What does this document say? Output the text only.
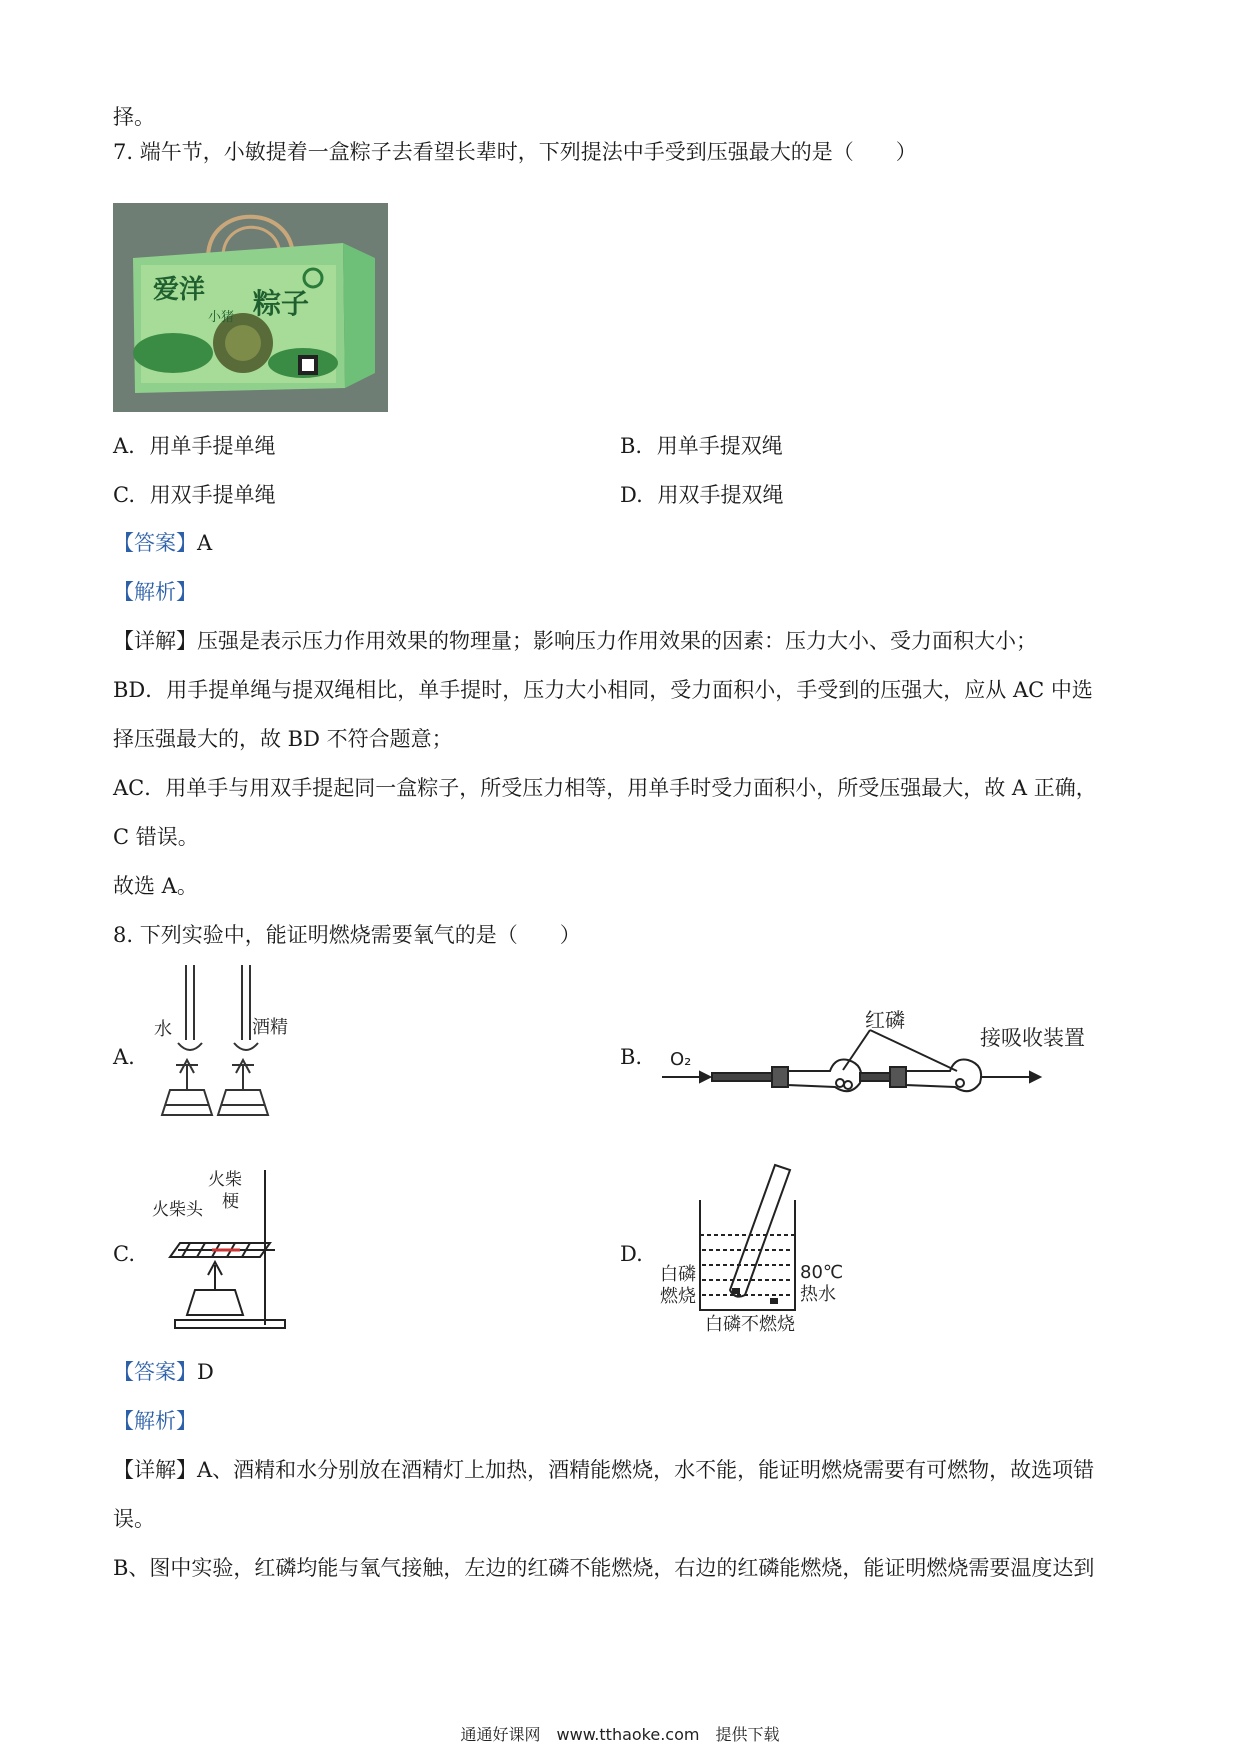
择。
7. 端午节，小敏提着一盒粽子去看望长辈时，下列提法中手受到压强最大的是（　　）
爱洋
小猪 粽子
A. 用单手提单绳	B. 用单手提双绳
C. 用双手提单绳	D. 用双手提双绳
【答案】A
【解析】
【详解】压强是表示压力作用效果的物理量；影响压力作用效果的因素：压力大小、受力面积大小；
BD．用手提单绳与提双绳相比，单手提时，压力大小相同，受力面积小，手受到的压强大，应从 AC 中选
择压强最大的，故 BD 不符合题意；
AC．用单手与用双手提起同一盒粽子，所受压力相等，用单手时受力面积小，所受压强最大，故 A 正确，
C 错误。
故选 A。
8. 下列实验中，能证明燃烧需要氧气的是（　　）
A.
水	酒精
B.
红磷
O₂
接吸收装置
C.
火柴
梗
火柴头
D.
白磷
燃烧
80℃
热水
白磷不燃烧
【答案】D
【解析】
【详解】A、酒精和水分别放在酒精灯上加热，酒精能燃烧，水不能，能证明燃烧需要有可燃物，故选项错
误。
B、图中实验，红磷均能与氧气接触，左边的红磷不能燃烧，右边的红磷能燃烧，能证明燃烧需要温度达到
通通好课网　www.tthaoke.com　提供下载
